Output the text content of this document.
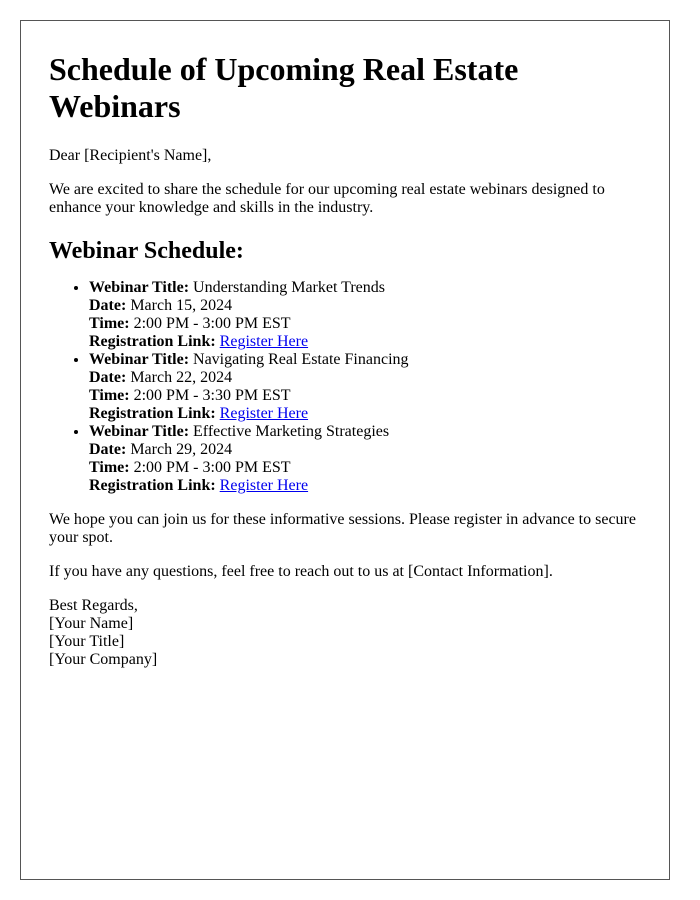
Schedule of Upcoming Real Estate Webinars

Dear [Recipient's Name],

We are excited to share the schedule for our upcoming real estate webinars designed to enhance your knowledge and skills in the industry.

Webinar Schedule:
• Webinar Title: Understanding Market Trends
Date: March 15, 2024
Time: 2:00 PM - 3:00 PM EST
Registration Link: Register Here
• Webinar Title: Navigating Real Estate Financing
Date: March 22, 2024
Time: 2:00 PM - 3:30 PM EST
Registration Link: Register Here
• Webinar Title: Effective Marketing Strategies
Date: March 29, 2024
Time: 2:00 PM - 3:00 PM EST
Registration Link: Register Here

We hope you can join us for these informative sessions. Please register in advance to secure your spot.

If you have any questions, feel free to reach out to us at [Contact Information].

Best Regards,
[Your Name]
[Your Title]
[Your Company]
